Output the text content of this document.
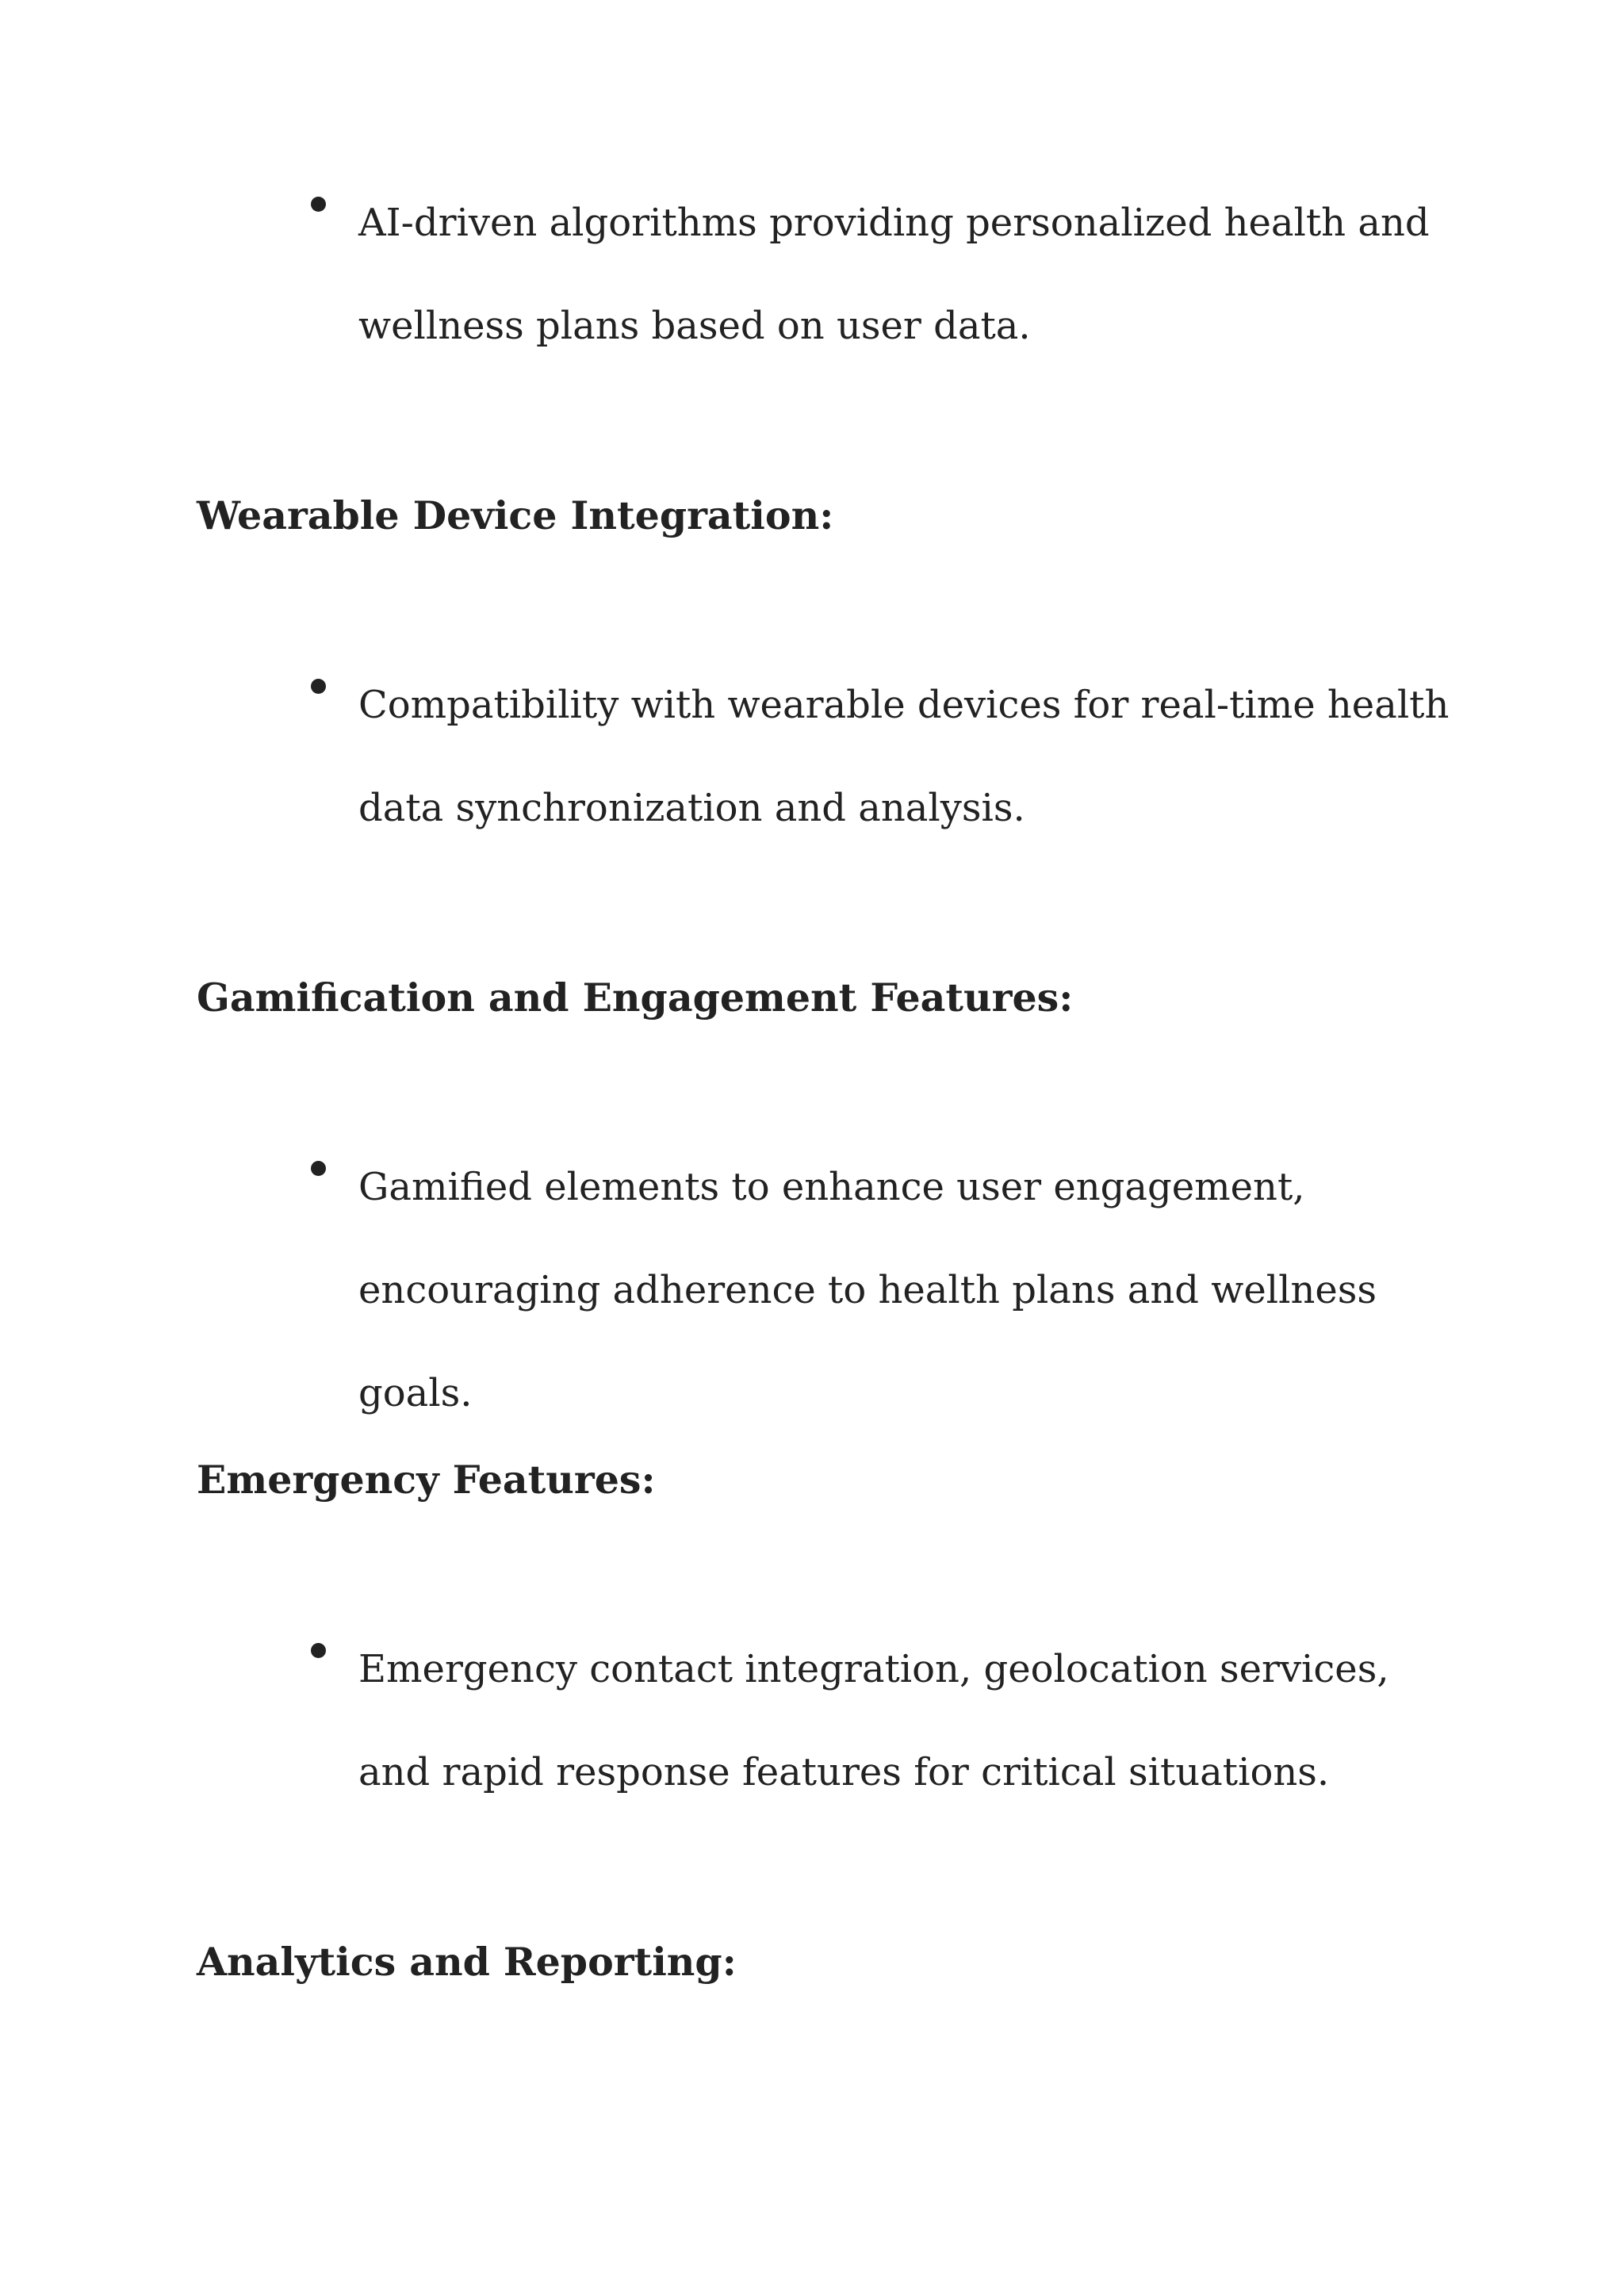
AI-driven algorithms providing personalized health and wellness plans based on user data.

Wearable Device Integration:

Compatibility with wearable devices for real-time health data synchronization and analysis.

Gamification and Engagement Features:

Gamified elements to enhance user engagement, encouraging adherence to health plans and wellness goals.

Emergency Features:

Emergency contact integration, geolocation services, and rapid response features for critical situations.

Analytics and Reporting:
